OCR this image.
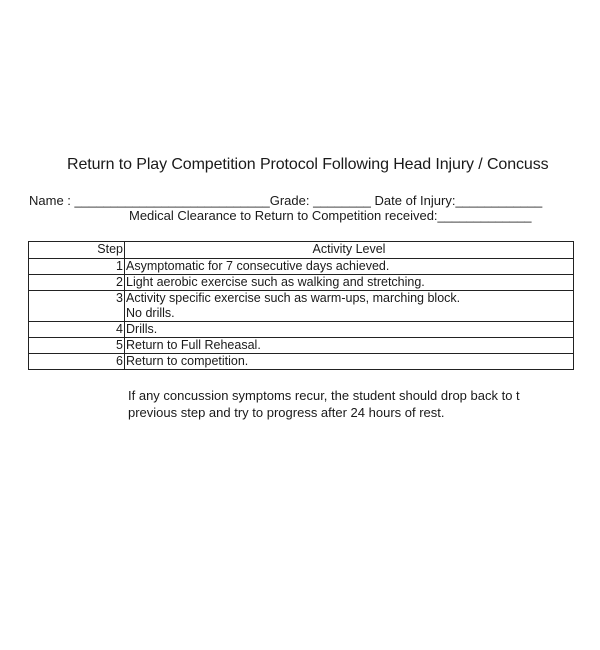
Return to Play Competition Protocol Following Head Injury / Concuss
Name : ___________________________Grade: ________ Date of Injury:____________
Medical Clearance to Return to Competition received:_____________
Step	Activity Level
1	Asymptomatic for 7 consecutive days achieved.
2	Light aerobic exercise such as walking and stretching.
3	Activity specific exercise such as warm-ups, marching block.
No drills.

4	Drills.
5	Return to Full Reheasal.
6	Return to competition.
If any concussion symptoms recur, the student should drop back to t
previous step and try to progress after 24 hours of rest.
